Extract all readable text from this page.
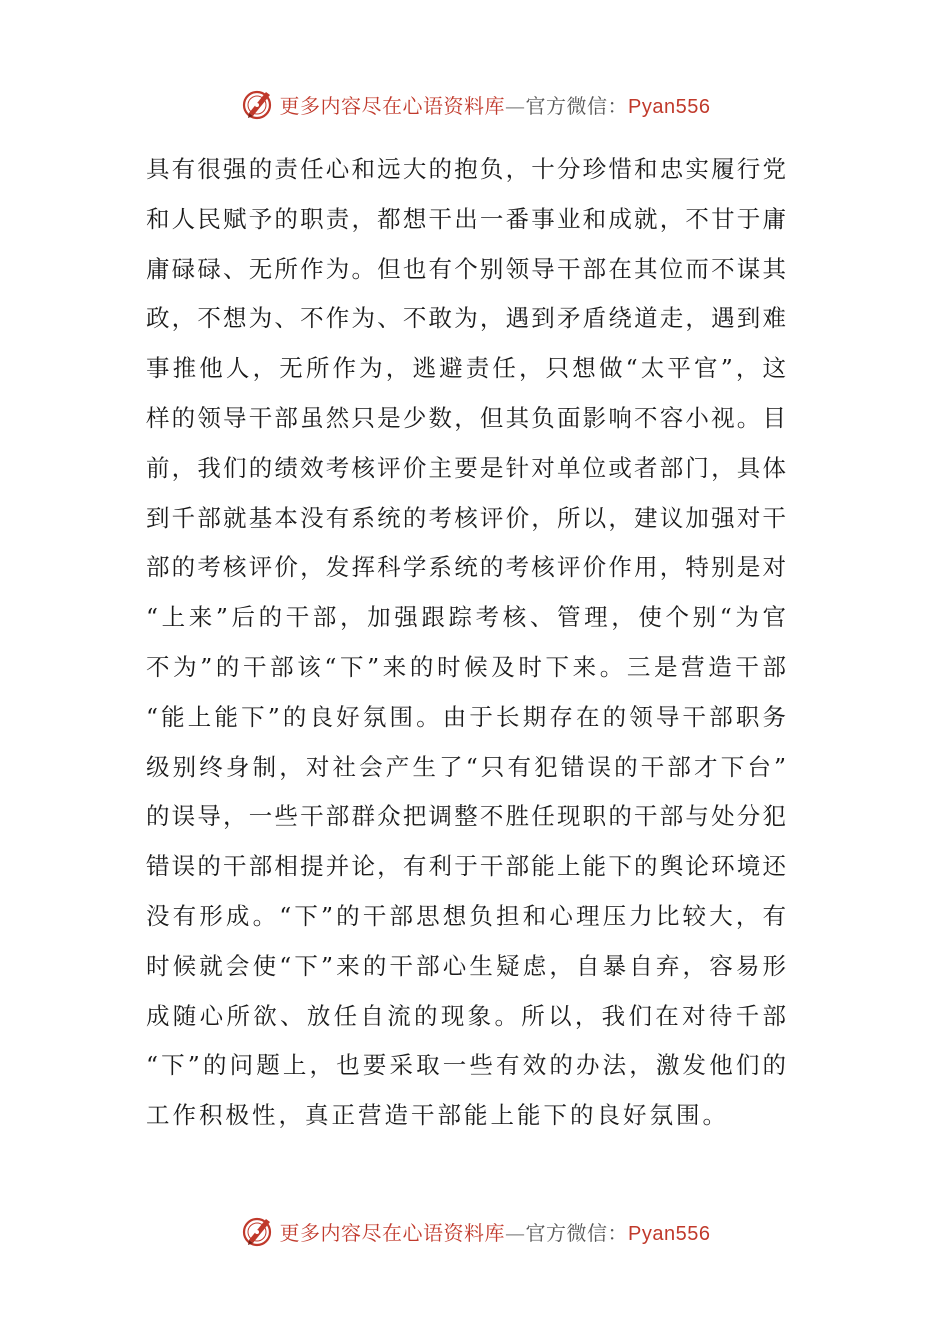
更多内容尽在心语资料库—官方微信：Pyan556
具有很强的责任心和远大的抱负，十分珍惜和忠实履行党
和人民赋予的职责，都想干出一番事业和成就，不甘于庸
庸碌碌、无所作为。但也有个别领导干部在其位而不谋其
政，不想为、不作为、不敢为，遇到矛盾绕道走，遇到难
事推他人，无所作为，逃避责任，只想做“太平官”，这
样的领导干部虽然只是少数，但其负面影响不容小视。目
前，我们的绩效考核评价主要是针对单位或者部门，具体
到千部就基本没有系统的考核评价，所以，建议加强对干
部的考核评价，发挥科学系统的考核评价作用，特别是对
“上来”后的干部，加强跟踪考核、管理，使个别“为官
不为”的干部该“下”来的时候及时下来。三是营造干部
“能上能下”的良好氛围。由于长期存在的领导干部职务
级别终身制，对社会产生了“只有犯错误的干部才下台”
的误导，一些干部群众把调整不胜任现职的干部与处分犯
错误的干部相提并论，有利于干部能上能下的舆论环境还
没有形成。“下”的干部思想负担和心理压力比较大，有
时候就会使“下”来的干部心生疑虑，自暴自弃，容易形
成随心所欲、放任自流的现象。所以，我们在对待千部
“下”的问题上，也要采取一些有效的办法，激发他们的
工作积极性，真正营造干部能上能下的良好氛围。
更多内容尽在心语资料库—官方微信：Pyan556
